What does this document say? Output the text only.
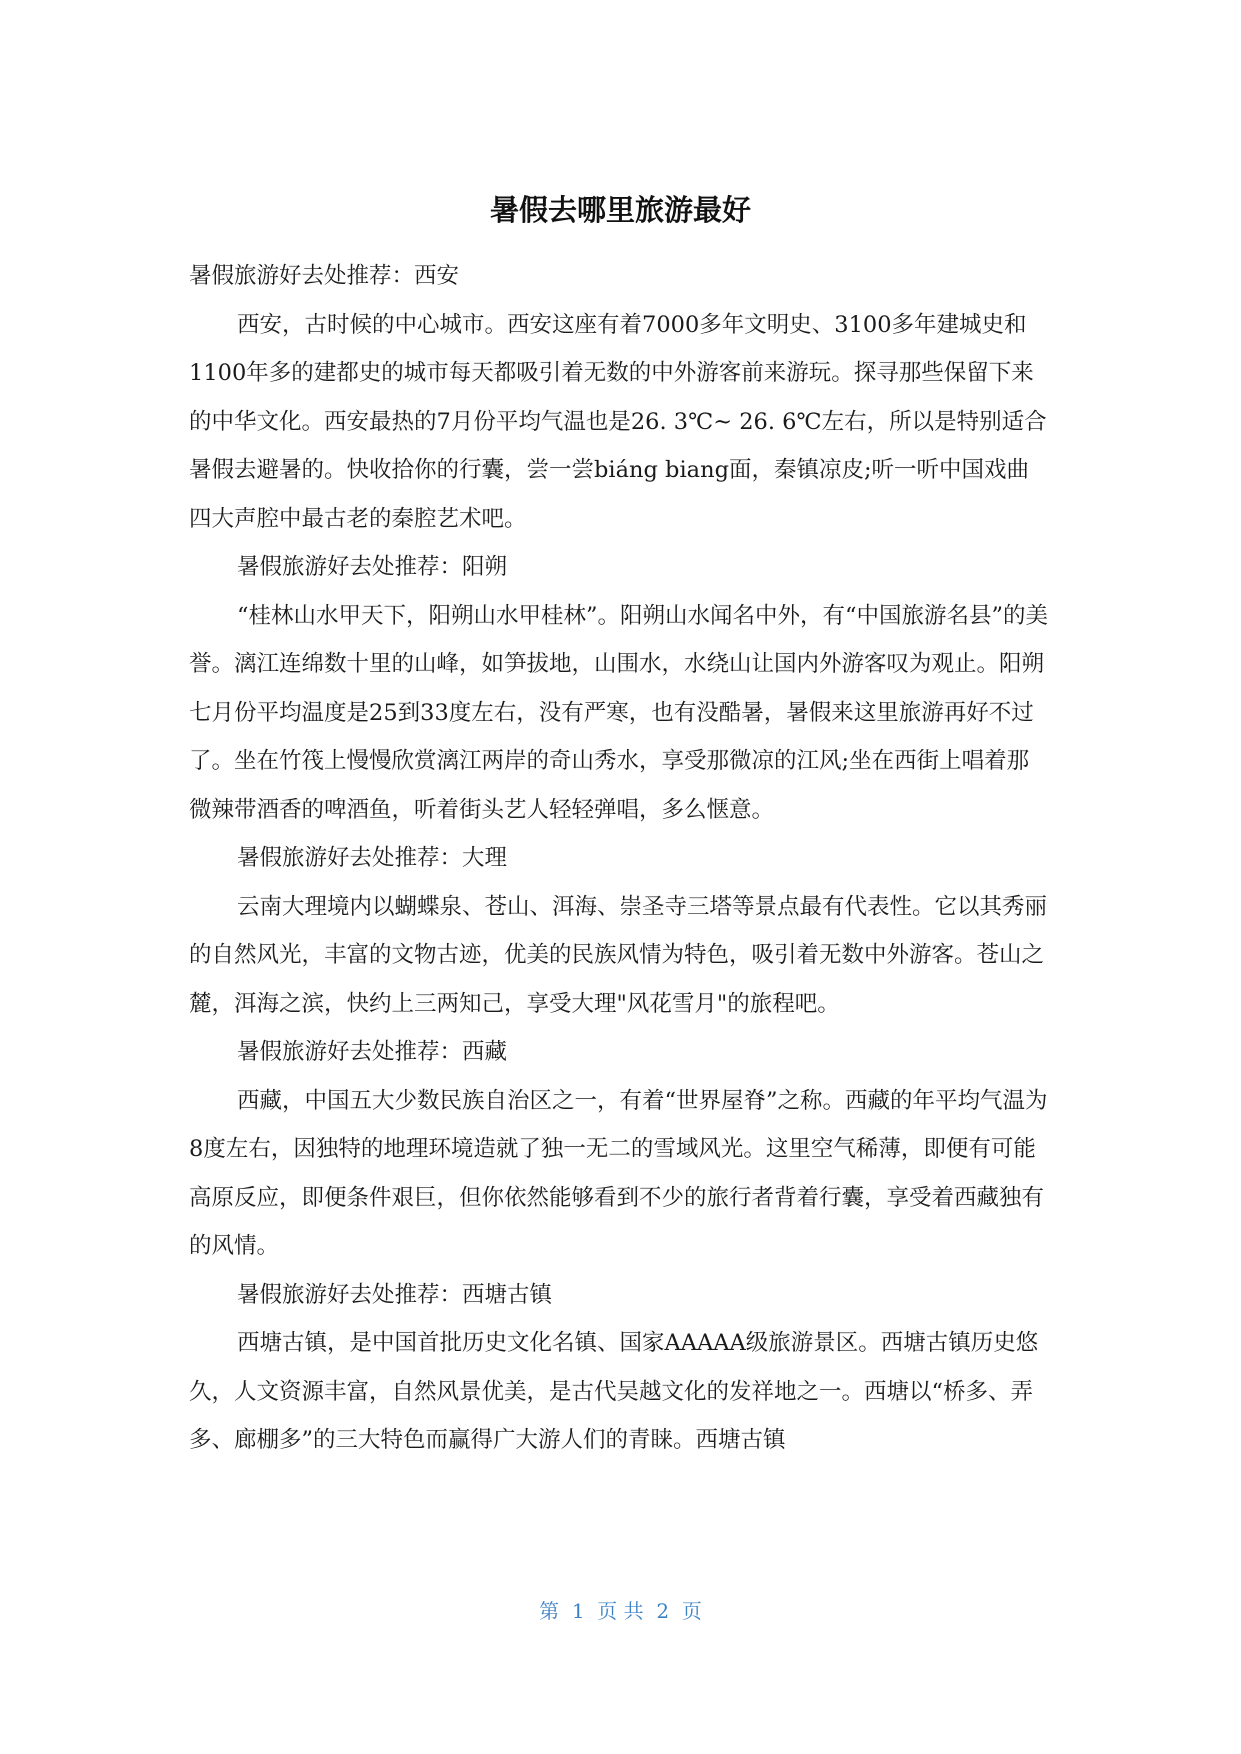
暑假去哪里旅游最好

暑假旅游好去处推荐：西安

西安，古时候的中心城市。西安这座有着7000多年文明史、3100多年建城史和1100年多的建都史的城市每天都吸引着无数的中外游客前来游玩。探寻那些保留下来的中华文化。西安最热的7月份平均气温也是26. 3℃~ 26. 6℃左右，所以是特别适合暑假去避暑的。快收拾你的行囊，尝一尝biáng biang面，秦镇凉皮;听一听中国戏曲四大声腔中最古老的秦腔艺术吧。

暑假旅游好去处推荐：阳朔

“桂林山水甲天下，阳朔山水甲桂林”。阳朔山水闻名中外，有“中国旅游名县”的美誉。漓江连绵数十里的山峰，如笋拔地，山围水，水绕山让国内外游客叹为观止。阳朔七月份平均温度是25到33度左右，没有严寒，也有没酷暑，暑假来这里旅游再好不过了。坐在竹筏上慢慢欣赏漓江两岸的奇山秀水，享受那微凉的江风;坐在西街上唱着那微辣带酒香的啤酒鱼，听着街头艺人轻轻弹唱，多么惬意。

暑假旅游好去处推荐：大理

云南大理境内以蝴蝶泉、苍山、洱海、崇圣寺三塔等景点最有代表性。它以其秀丽的自然风光，丰富的文物古迹，优美的民族风情为特色，吸引着无数中外游客。苍山之麓，洱海之滨，快约上三两知己，享受大理"风花雪月"的旅程吧。

暑假旅游好去处推荐：西藏

西藏，中国五大少数民族自治区之一，有着“世界屋脊”之称。西藏的年平均气温为8度左右，因独特的地理环境造就了独一无二的雪域风光。这里空气稀薄，即便有可能高原反应，即便条件艰巨，但你依然能够看到不少的旅行者背着行囊，享受着西藏独有的风情。

暑假旅游好去处推荐：西塘古镇

西塘古镇，是中国首批历史文化名镇、国家AAAAA级旅游景区。西塘古镇历史悠久，人文资源丰富，自然风景优美，是古代吴越文化的发祥地之一。西塘以“桥多、弄多、廊棚多”的三大特色而赢得广大游人们的青睐。西塘古镇

第  1  页 共  2  页
